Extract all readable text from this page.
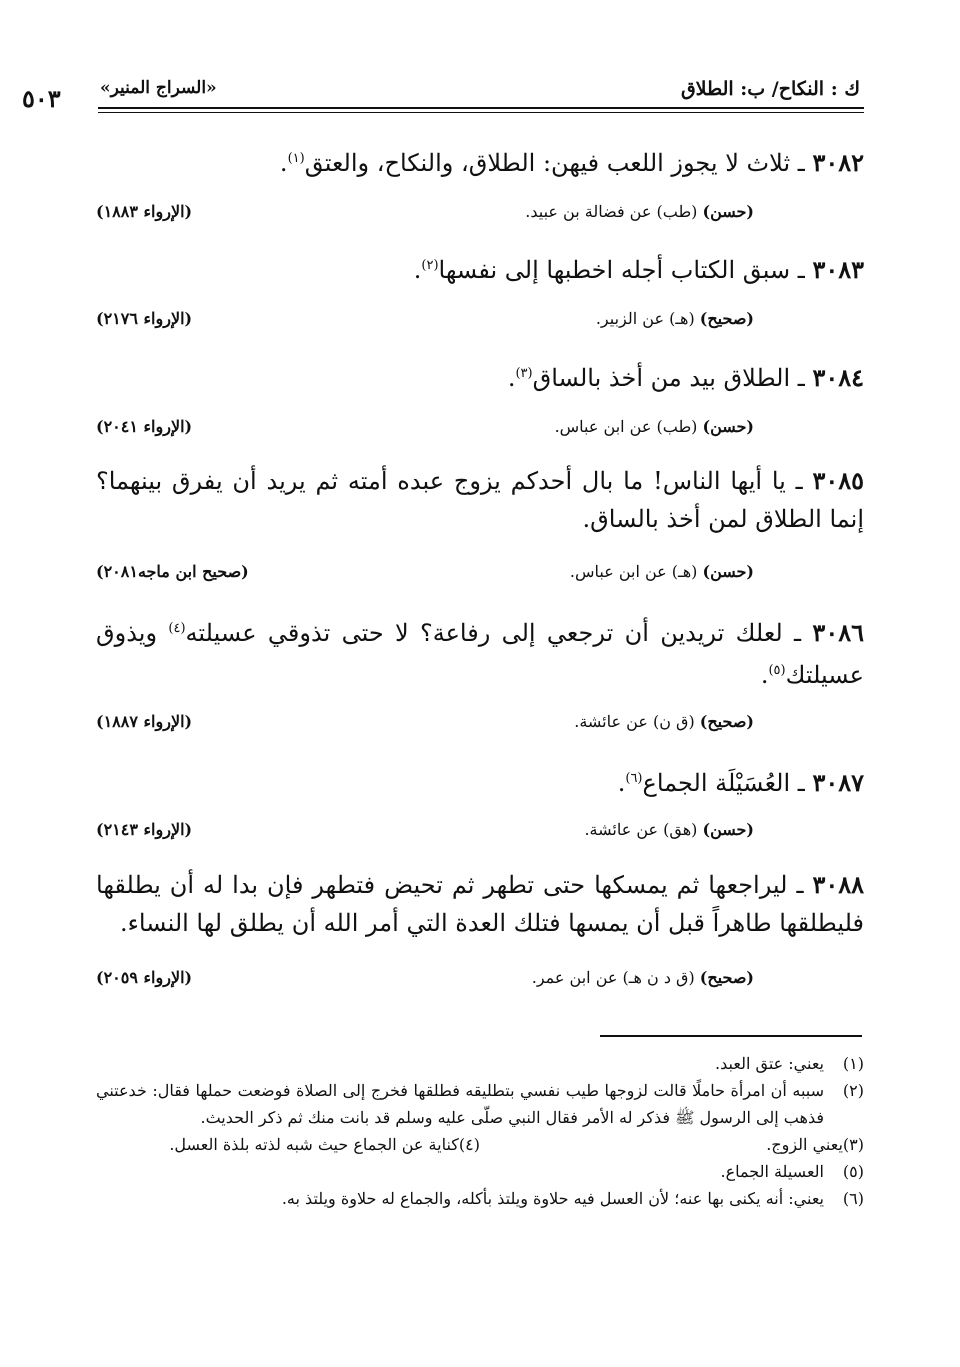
ك : النكاح/ ب: الطلاق
«السراج المنير»
٥٠٣

٣٠٨٢ ـ ثلاث لا يجوز اللعب فيهن: الطلاق، والنكاح، والعتق$^{(١)}$.

(حسن) (طب) عن فضالة بن عبيد.
(الإرواء ١٨٨٣)

٣٠٨٣ ـ سبق الكتاب أجله اخطبها إلى نفسها$^{(٢)}$.

(صحيح) (هـ) عن الزبير.
(الإرواء ٢١٧٦)

٣٠٨٤ ـ الطلاق بيد من أخذ بالساق$^{(٣)}$.

(حسن) (طب) عن ابن عباس.
(الإرواء ٢٠٤١)

٣٠٨٥ ـ يا أيها الناس! ما بال أحدكم يزوج عبده أمته ثم يريد أن يفرق بينهما؟ إنما الطلاق لمن أخذ بالساق.

(حسن) (هـ) عن ابن عباس.
(صحيح ابن ماجه٢٠٨١)

٣٠٨٦ ـ لعلك تريدين أن ترجعي إلى رفاعة؟ لا حتى تذوقي عسيلته$^{(٤)}$ ويذوق عسيلتك$^{(٥)}$.

(صحيح) (ق ن) عن عائشة.
(الإرواء ١٨٨٧)

٣٠٨٧ ـ العُسَيْلَة الجماع$^{(٦)}$.

(حسن) (هق) عن عائشة.
(الإرواء ٢١٤٣)

٣٠٨٨ ـ ليراجعها ثم يمسكها حتى تطهر ثم تحيض فتطهر فإن بدا له أن يطلقها فليطلقها طاهراً قبل أن يمسها فتلك العدة التي أمر الله أن يطلق لها النساء.

(صحيح) (ق د ن هـ) عن ابن عمر.
(الإرواء ٢٠٥٩)
(١)
يعني: عتق العبد.
(٢)
سببه أن امرأة حاملًا قالت لزوجها طيب نفسي بتطليقه فطلقها فخرج إلى الصلاة فوضعت حملها فقال: خدعتني فذهب إلى الرسول ﷺ فذكر له الأمر فقال النبي صلّى عليه وسلم قد بانت منك ثم ذكر الحديث.
(٣)
يعني الزوج.
(٤)
كناية عن الجماع حيث شبه لذته بلذة العسل.
(٥)
العسيلة الجماع.
(٦)
يعني: أنه يكنى بها عنه؛ لأن العسل فيه حلاوة ويلتذ بأكله، والجماع له حلاوة ويلتذ به.
